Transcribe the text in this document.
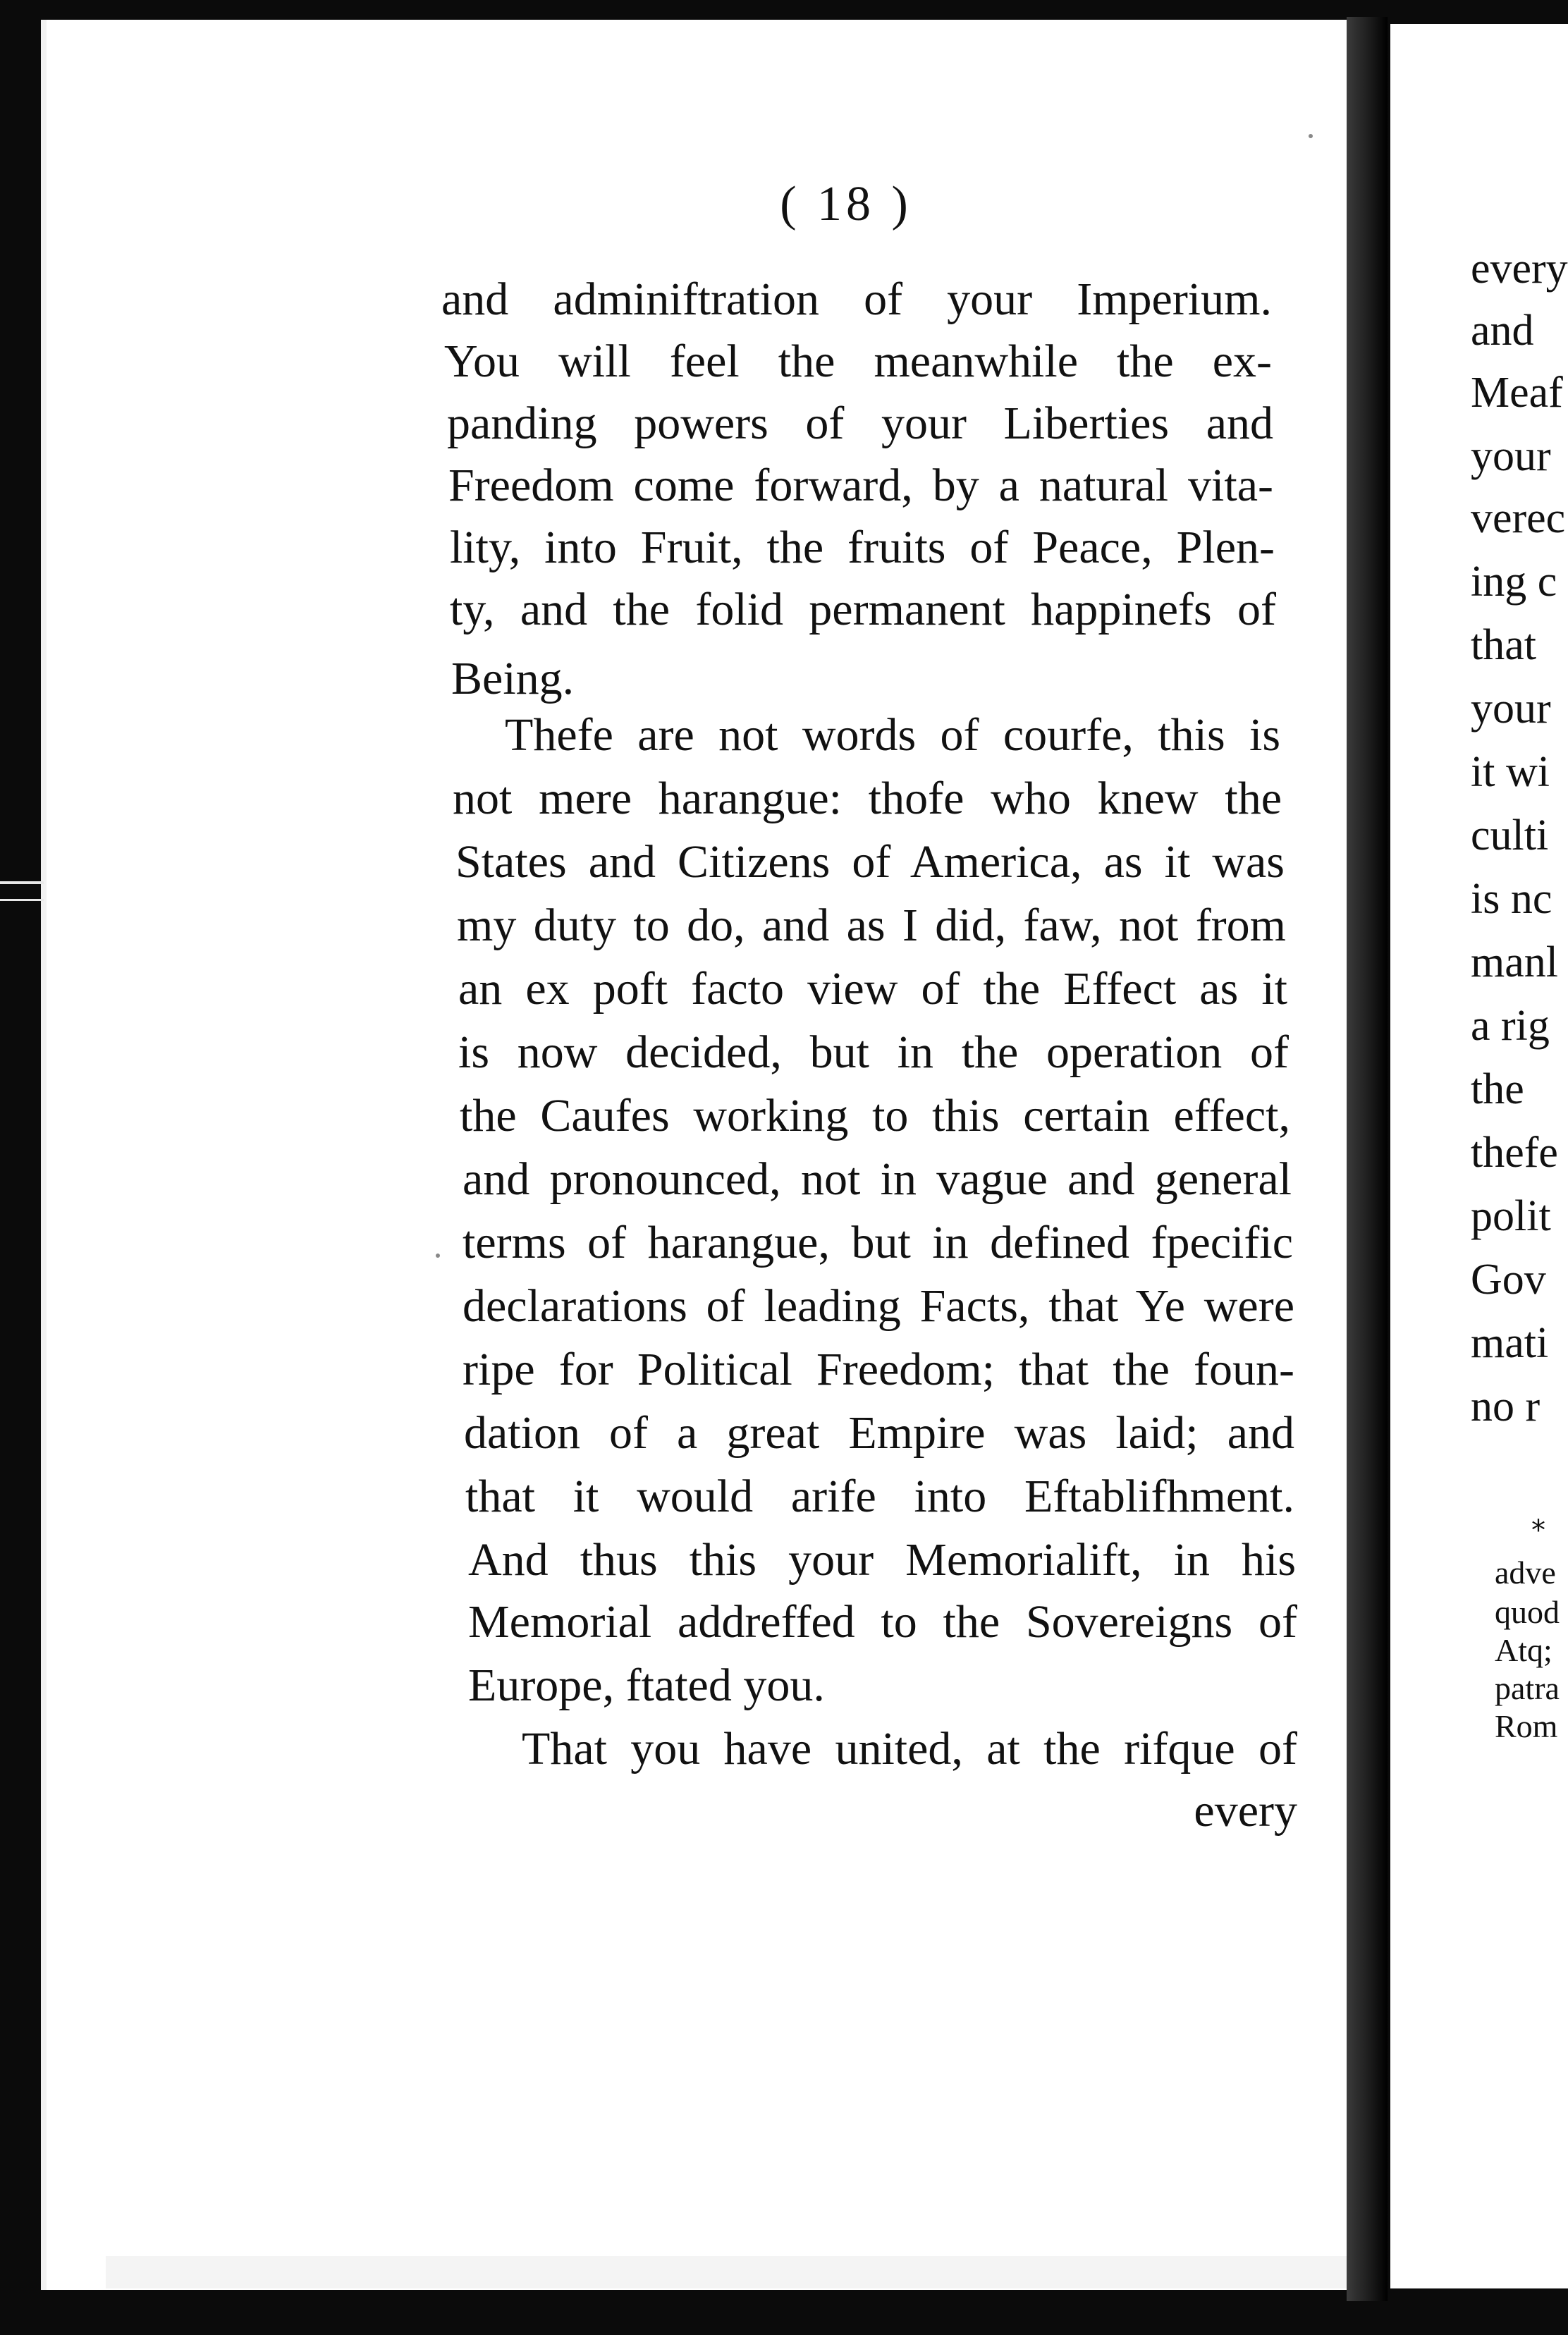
( 18 )
and adminiftration of your Imperium.
You will feel the meanwhile the ex-
panding powers of your Liberties and
Freedom come forward, by a natural vita-
lity, into Fruit, the fruits of Peace, Plen-
ty, and the folid permanent happinefs of
Being.
Thefe are not words of courfe, this is
not mere harangue: thofe who knew the
States and Citizens of America, as it was
my duty to do, and as I did, faw, not from
an ex poft facto view of the Effect as it
is now decided, but in the operation of
the Caufes working to this certain effect,
and pronounced, not in vague and general
terms of harangue, but in defined fpecific
declarations of leading Facts, that Ye were
ripe for Political Freedom; that the foun-
dation of a great Empire was laid; and
that it would arife into Eftablifhment.
And thus this your Memorialift, in his
Memorial addreffed to the Sovereigns of
Europe, ftated you.
That you have united, at the rifque of
every
every
and
Meaf
your
verec
ing c
that
your
it wi
culti
is nc
manl
a rig
the
thefe
polit
Gov
mati
no r
adve
quod
Atq;
patra
Rom
*
